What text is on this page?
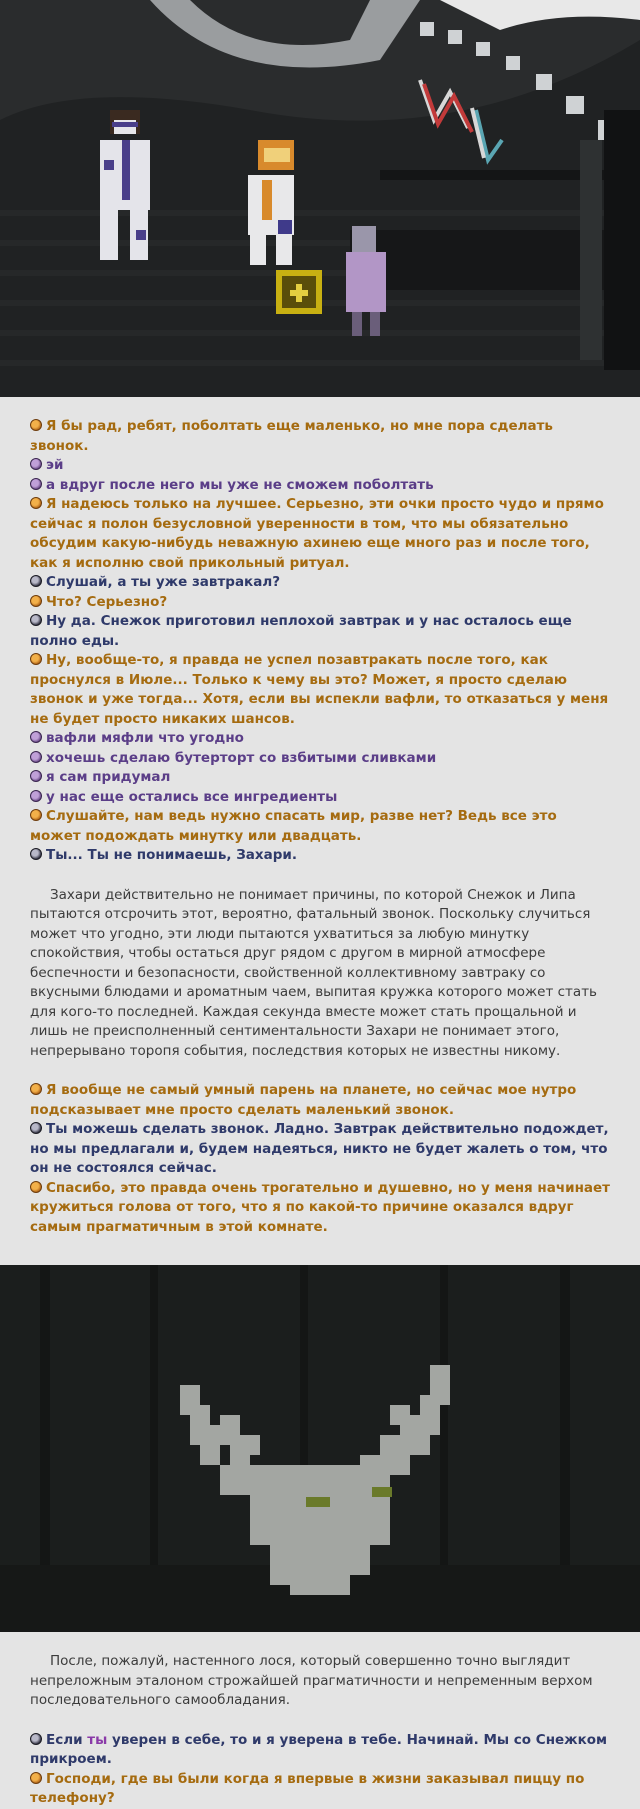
Я бы рад, ребят, поболтать еще маленько, но мне пора сделать звонок.

эй

а вдруг после него мы уже не сможем поболтать

Я надеюсь только на лучшее. Серьезно, эти очки просто чудо и прямо сейчас я полон безусловной уверенности в том, что мы обязательно обсудим какую-нибудь неважную ахинею еще много раз и после того, как я исполню свой прикольный ритуал.

Слушай, а ты уже завтракал?

Что? Серьезно?

Ну да. Снежок приготовил неплохой завтрак и у нас осталось еще полно еды.

Ну, вообще-то, я правда не успел позавтракать после того, как проснулся в Июле... Только к чему вы это? Может, я просто сделаю звонок и уже тогда... Хотя, если вы испекли вафли, то отказаться у меня не будет просто никаких шансов.

вафли мяфли что угодно

хочешь сделаю бутерторт со взбитыми сливками

я сам придумал

у нас еще остались все ингредиенты

Слушайте, нам ведь нужно спасать мир, разве нет? Ведь все это может подождать минутку или двадцать.

Ты... Ты не понимаешь, Захари.

Захари действительно не понимает причины, по которой Снежок и Липа пытаются отсрочить этот, вероятно, фатальный звонок. Поскольку случиться может что угодно, эти люди пытаются ухватиться за любую минутку спокойствия, чтобы остаться друг рядом с другом в мирной атмосфере беспечности и безопасности, свойственной коллективному завтраку со вкусными блюдами и ароматным чаем, выпитая кружка которого может стать для кого-то последней. Каждая секунда вместе может стать прощальной и лишь не преисполненный сентиментальности Захари не понимает этого, непрерывано торопя события, последствия которых не известны никому.

Я вообще не самый умный парень на планете, но сейчас мое нутро подсказывает мне просто сделать маленький звонок.

Ты можешь сделать звонок. Ладно. Завтрак действительно подождет, но мы предлагали и, будем надеяться, никто не будет жалеть о том, что он не состоялся сейчас.

Спасибо, это правда очень трогательно и душевно, но у меня начинает кружиться голова от того, что я по какой-то причине оказался вдруг самым прагматичным в этой комнате.

После, пожалуй, настенного лося, который совершенно точно выглядит непреложным эталоном строжайшей прагматичности и непременным верхом последовательного самообладания.

Если ты уверен в себе, то и я уверена в тебе. Начинай. Мы со Снежком прикроем.

Господи, где вы были когда я впервые в жизни заказывал пиццу по телефону?
